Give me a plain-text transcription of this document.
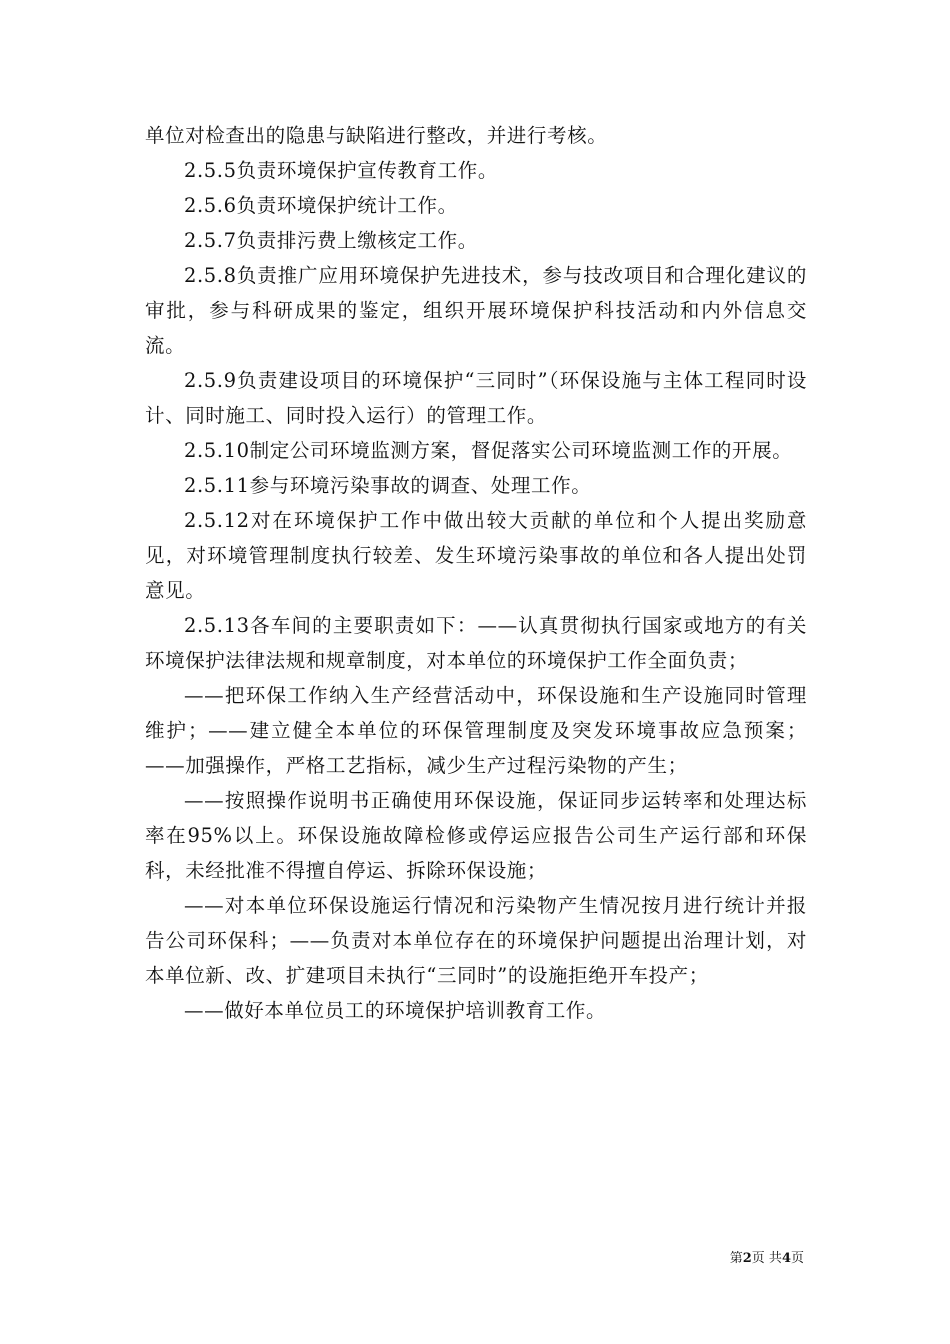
单位对检查出的隐患与缺陷进行整改，并进行考核。

2.5.5负责环境保护宣传教育工作。

2.5.6负责环境保护统计工作。

2.5.7负责排污费上缴核定工作。

2.5.8负责推广应用环境保护先进技术，参与技改项目和合理化建议的审批，参与科研成果的鉴定，组织开展环境保护科技活动和内外信息交流。

2.5.9负责建设项目的环境保护“三同时”（环保设施与主体工程同时设计、同时施工、同时投入运行）的管理工作。

2.5.10制定公司环境监测方案，督促落实公司环境监测工作的开展。

2.5.11参与环境污染事故的调查、处理工作。

2.5.12对在环境保护工作中做出较大贡献的单位和个人提出奖励意见，对环境管理制度执行较差、发生环境污染事故的单位和各人提出处罚意见。

2.5.13各车间的主要职责如下：——认真贯彻执行国家或地方的有关环境保护法律法规和规章制度，对本单位的环境保护工作全面负责；

——把环保工作纳入生产经营活动中，环保设施和生产设施同时管理维护；——建立健全本单位的环保管理制度及突发环境事故应急预案；——加强操作，严格工艺指标，减少生产过程污染物的产生；

——按照操作说明书正确使用环保设施，保证同步运转率和处理达标率在95%以上。环保设施故障检修或停运应报告公司生产运行部和环保科，未经批准不得擅自停运、拆除环保设施；

——对本单位环保设施运行情况和污染物产生情况按月进行统计并报告公司环保科；——负责对本单位存在的环境保护问题提出治理计划，对本单位新、改、扩建项目未执行“三同时”的设施拒绝开车投产；

——做好本单位员工的环境保护培训教育工作。

第2页 共4页
